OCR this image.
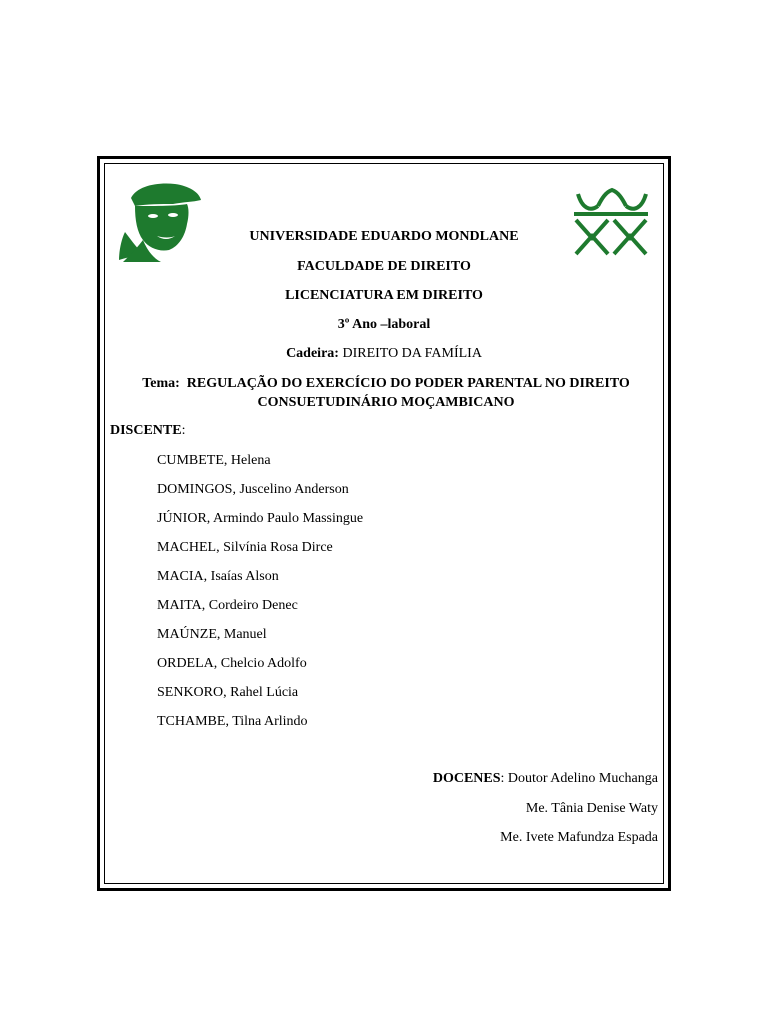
UNIVERSIDADE EDUARDO MONDLANE
FACULDADE DE DIREITO
LICENCIATURA EM DIREITO
3º Ano –laboral
Cadeira: DIREITO DA FAMÍLIA
Tema: REGULAÇÃO DO EXERCÍCIO DO PODER PARENTAL NO DIREITO
CONSUETUDINÁRIO MOÇAMBICANO
DISCENTE:
CUMBETE, Helena
DOMINGOS, Juscelino Anderson
JÚNIOR, Armindo Paulo Massingue
MACHEL, Silvínia Rosa Dirce
MACIA, Isaías Alson
MAITA, Cordeiro Denec
MAÚNZE, Manuel
ORDELA, Chelcio Adolfo
SENKORO, Rahel Lúcia
TCHAMBE, Tilna Arlindo
DOCENES: Doutor Adelino Muchanga
Me. Tânia Denise Waty
Me. Ivete Mafundza Espada
